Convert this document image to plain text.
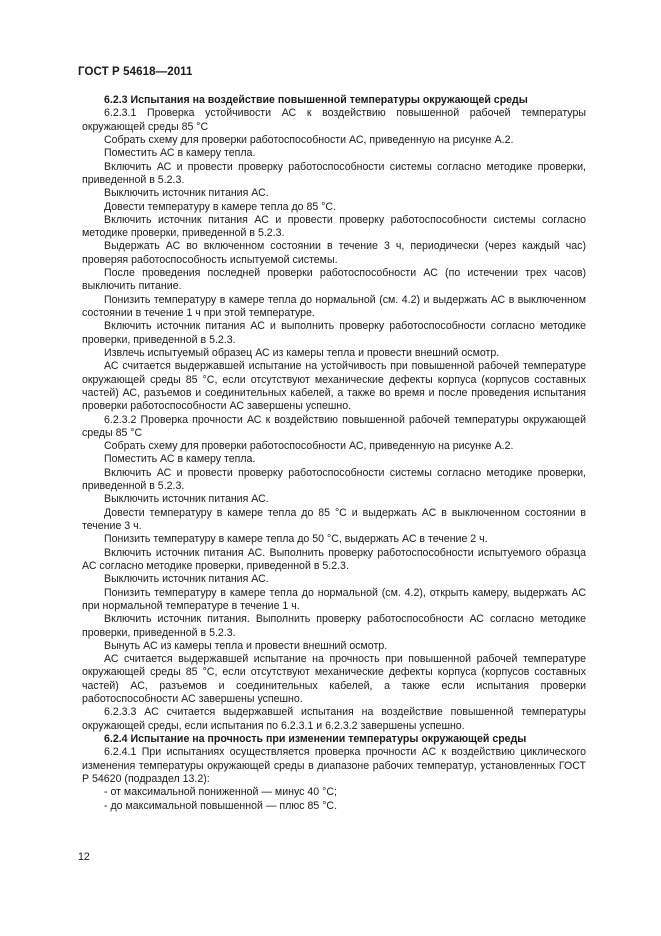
ГОСТ Р 54618—2011

6.2.3 Испытания на воздействие повышенной температуры окружающей среды

6.2.3.1 Проверка устойчивости АС к воздействию повышенной рабочей температуры окружающей среды 85 °С

Собрать схему для проверки работоспособности АС, приведенную на рисунке А.2.

Поместить АС в камеру тепла.

Включить АС и провести проверку работоспособности системы согласно методике проверки, приведенной в 5.2.3.

Выключить источник питания АС.

Довести температуру в камере тепла до 85 °С.

Включить источник питания АС и провести проверку работоспособности системы согласно методике проверки, приведенной в 5.2.3.

Выдержать АС во включенном состоянии в течение 3 ч, периодически (через каждый час) проверяя работоспособность испытуемой системы.

После проведения последней проверки работоспособности АС (по истечении трех часов) выключить питание.

Понизить температуру в камере тепла до нормальной (см. 4.2) и выдержать АС в выключенном состоянии в течение 1 ч при этой температуре.

Включить источник питания АС и выполнить проверку работоспособности согласно методике проверки, приведенной в 5.2.3.

Извлечь испытуемый образец АС из камеры тепла и провести внешний осмотр.

АС считается выдержавшей испытание на устойчивость при повышенной рабочей температуре окружающей среды 85 °С, если отсутствуют механические дефекты корпуса (корпусов составных частей) АС, разъемов и соединительных кабелей, а также во время и после проведения испытания проверки работоспособности АС завершены успешно.

6.2.3.2 Проверка прочности АС к воздействию повышенной рабочей температуры окружающей среды 85 °С

Собрать схему для проверки работоспособности АС, приведенную на рисунке А.2.

Поместить АС в камеру тепла.

Включить АС и провести проверку работоспособности системы согласно методике проверки, приведенной в 5.2.3.

Выключить источник питания АС.

Довести температуру в камере тепла до 85 °С и выдержать АС в выключенном состоянии в течение 3 ч.

Понизить температуру в камере тепла до 50 °С, выдержать АС в течение 2 ч.

Включить источник питания АС. Выполнить проверку работоспособности испытуемого образца АС согласно методике проверки, приведенной в 5.2.3.

Выключить источник питания АС.

Понизить температуру в камере тепла до нормальной (см. 4.2), открыть камеру, выдержать АС при нормальной температуре в течение 1 ч.

Включить источник питания. Выполнить проверку работоспособности АС согласно методике проверки, приведенной в 5.2.3.

Вынуть АС из камеры тепла и провести внешний осмотр.

АС считается выдержавшей испытание на прочность при повышенной рабочей температуре окружающей среды 85 °С, если отсутствуют механические дефекты корпуса (корпусов составных частей) АС, разъемов и соединительных кабелей, а также если испытания проверки работоспособности АС завершены успешно.

6.2.3.3 АС считается выдержавшей испытания на воздействие повышенной температуры окружающей среды, если испытания по 6.2.3.1 и 6.2.3.2 завершены успешно.

6.2.4 Испытание на прочность при изменении температуры окружающей среды

6.2.4.1 При испытаниях осуществляется проверка прочности АС к воздействию циклического изменения температуры окружающей среды в диапазоне рабочих температур, установленных ГОСТ Р 54620 (подраздел 13.2):

- от максимальной пониженной — минус 40 °С;

- до максимальной повышенной — плюс 85 °С.

12
